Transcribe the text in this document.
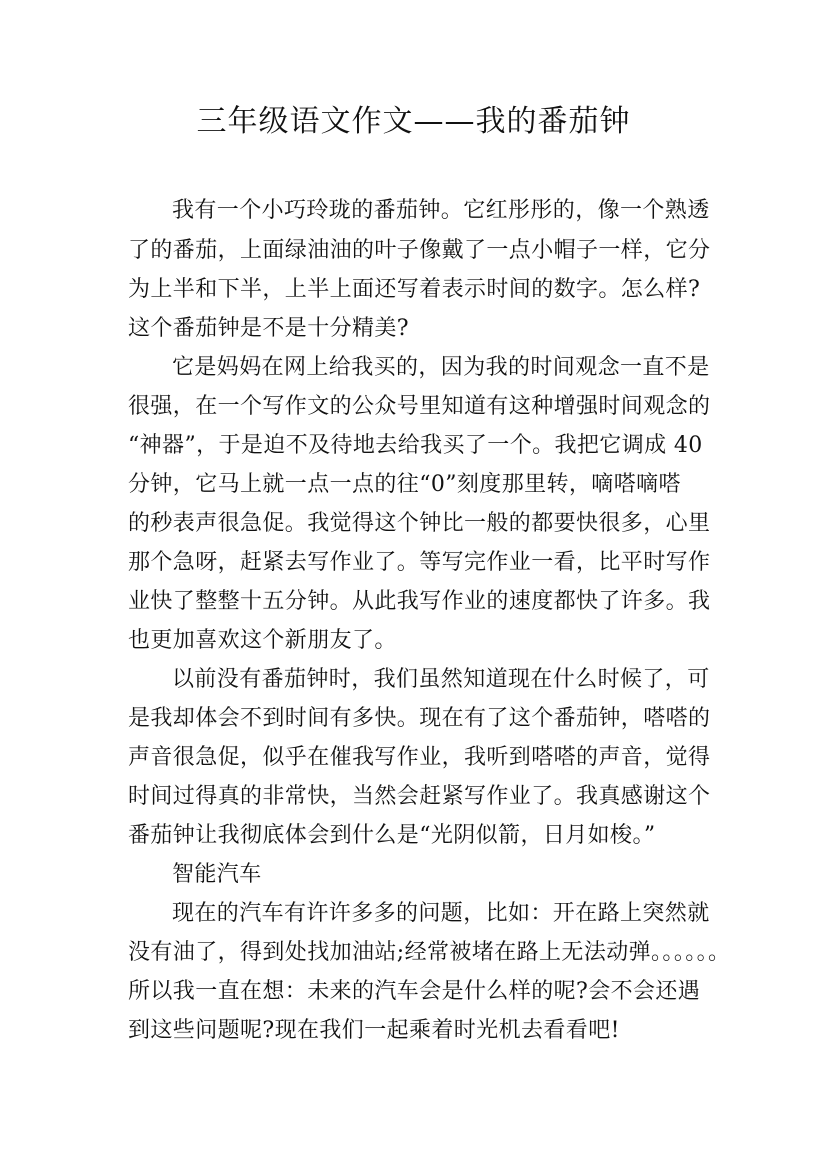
三年级语文作文——我的番茄钟
我有一个小巧玲珑的番茄钟。它红彤彤的，像一个熟透
了的番茄，上面绿油油的叶子像戴了一点小帽子一样，它分
为上半和下半，上半上面还写着表示时间的数字。怎么样?
这个番茄钟是不是十分精美?
它是妈妈在网上给我买的，因为我的时间观念一直不是
很强，在一个写作文的公众号里知道有这种增强时间观念的
“神器”，于是迫不及待地去给我买了一个。我把它调成 40
分钟，它马上就一点一点的往“0”刻度那里转，嘀嗒嘀嗒
的秒表声很急促。我觉得这个钟比一般的都要快很多，心里
那个急呀，赶紧去写作业了。等写完作业一看，比平时写作
业快了整整十五分钟。从此我写作业的速度都快了许多。我
也更加喜欢这个新朋友了。
以前没有番茄钟时，我们虽然知道现在什么时候了，可
是我却体会不到时间有多快。现在有了这个番茄钟，嗒嗒的
声音很急促，似乎在催我写作业，我听到嗒嗒的声音，觉得
时间过得真的非常快，当然会赶紧写作业了。我真感谢这个
番茄钟让我彻底体会到什么是“光阴似箭，日月如梭。”
智能汽车
现在的汽车有许许多多的问题，比如：开在路上突然就
没有油了，得到处找加油站;经常被堵在路上无法动弹。。。。。。
所以我一直在想：未来的汽车会是什么样的呢?会不会还遇
到这些问题呢?现在我们一起乘着时光机去看看吧!
